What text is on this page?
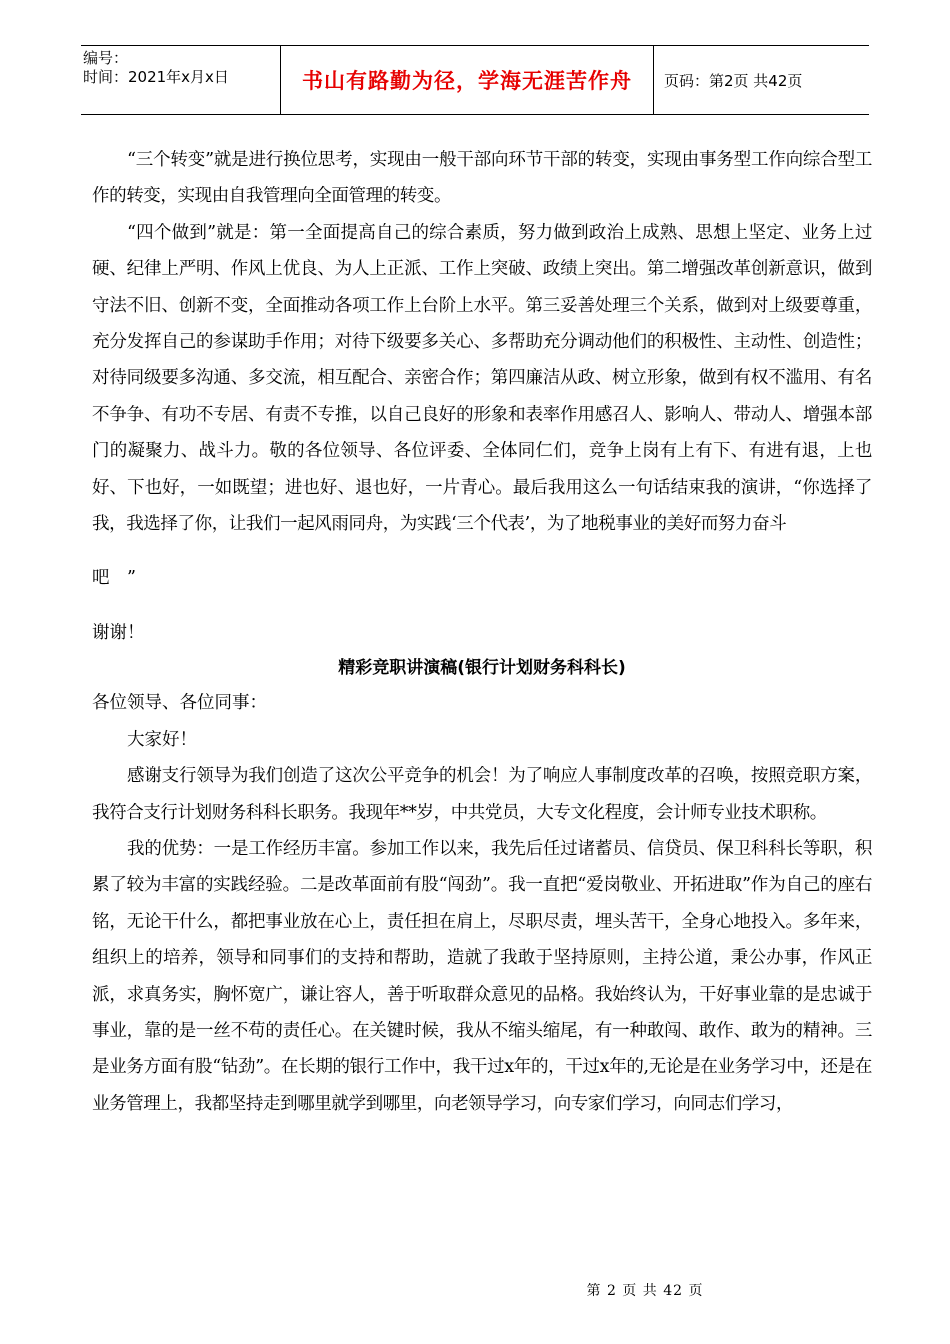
编号：
时间：2021年x月x日	书山有路勤为径，学海无涯苦作舟	页码：第2页 共42页

“三个转变”就是进行换位思考，实现由一般干部向环节干部的转变，实现由事务型工作向综合型工作的转变，实现由自我管理向全面管理的转变。

“四个做到”就是：第一全面提高自己的综合素质，努力做到政治上成熟、思想上坚定、业务上过硬、纪律上严明、作风上优良、为人上正派、工作上突破、政绩上突出。第二增强改革创新意识，做到守法不旧、创新不变，全面推动各项工作上台阶上水平。第三妥善处理三个关系，做到对上级要尊重，充分发挥自己的参谋助手作用；对待下级要多关心、多帮助充分调动他们的积极性、主动性、创造性；对待同级要多沟通、多交流，相互配合、亲密合作；第四廉洁从政、树立形象，做到有权不滥用、有名不争争、有功不专居、有责不专推，以自己良好的形象和表率作用感召人、影响人、带动人、增强本部门的凝聚力、战斗力。敬的各位领导、各位评委、全体同仁们，竞争上岗有上有下、有进有退，上也好、下也好，一如既望；进也好、退也好，一片青心。最后我用这么一句话结束我的演讲，“你选择了我，我选择了你，让我们一起风雨同舟，为实践‘三个代表’，为了地税事业的美好而努力奋斗

吧　”

谢谢！

精彩竞职讲演稿(银行计划财务科科长)

各位领导、各位同事：

大家好！

感谢支行领导为我们创造了这次公平竞争的机会！为了响应人事制度改革的召唤，按照竞职方案，我符合支行计划财务科科长职务。我现年**岁，中共党员，大专文化程度，会计师专业技术职称。

我的优势：一是工作经历丰富。参加工作以来，我先后任过诸蓄员、信贷员、保卫科科长等职，积累了较为丰富的实践经验。二是改革面前有股“闯劲”。我一直把“爱岗敬业、开拓进取”作为自己的座右铭，无论干什么，都把事业放在心上，责任担在肩上，尽职尽责，埋头苦干，全身心地投入。多年来，组织上的培养，领导和同事们的支持和帮助，造就了我敢于坚持原则，主持公道，秉公办事，作风正派，求真务实，胸怀宽广，谦让容人，善于听取群众意见的品格。我始终认为，干好事业靠的是忠诚于事业，靠的是一丝不苟的责任心。在关键时候，我从不缩头缩尾，有一种敢闯、敢作、敢为的精神。三是业务方面有股“钻劲”。在长期的银行工作中，我干过x年的，干过x年的,无论是在业务学习中，还是在业务管理上，我都坚持走到哪里就学到哪里，向老领导学习，向专家们学习，向同志们学习，

第 2 页 共 42 页
